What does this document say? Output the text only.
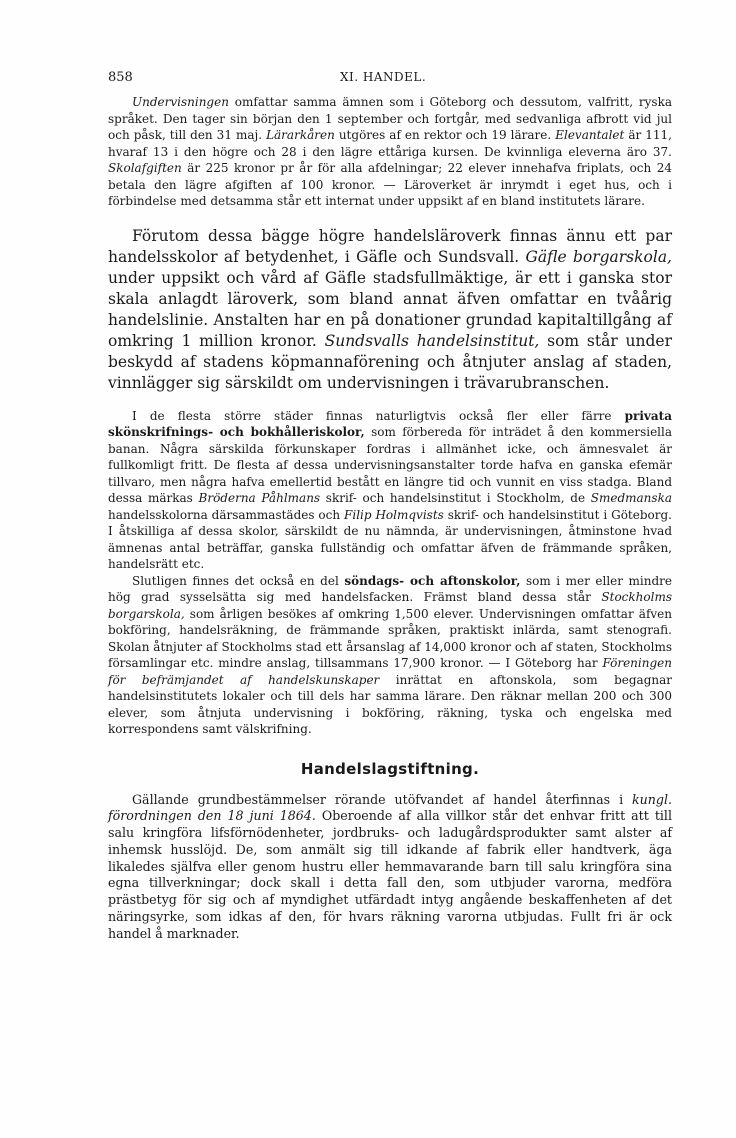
858	XI. HANDEL.

Undervisningen omfattar samma ämnen som i Göteborg och dessutom, valfritt, ryska språket. Den tager sin början den 1 september och fortgår, med sedvanliga afbrott vid jul och påsk, till den 31 maj. Lärarkåren utgöres af en rektor och 19 lärare. Elevantalet är 111, hvaraf 13 i den högre och 28 i den lägre ettåriga kursen. De kvinnliga eleverna äro 37. Skolafgiften är 225 kronor pr år för alla afdelningar; 22 elever innehafva friplats, och 24 betala den lägre afgiften af 100 kronor. — Läroverket är inrymdt i eget hus, och i förbindelse med detsamma står ett internat under uppsikt af en bland institutets lärare.

Förutom dessa bägge högre handelsläroverk finnas ännu ett par handelsskolor af betydenhet, i Gäfle och Sundsvall. Gäfle borgarskola, under uppsikt och vård af Gäfle stadsfullmäktige, är ett i ganska stor skala anlagdt läroverk, som bland annat äfven omfattar en tvåårig handelslinie. Anstalten har en på donationer grundad kapitaltillgång af omkring 1 million kronor. Sundsvalls handelsinstitut, som står under beskydd af stadens köpmannaförening och åtnjuter anslag af staden, vinnlägger sig särskildt om undervisningen i trävarubranschen.

I de flesta större städer finnas naturligtvis också fler eller färre privata skönskrifnings- och bokhålleriskolor, som förbereda för inträdet å den kommersiella banan. Några särskilda förkunskaper fordras i allmänhet icke, och ämnesvalet är fullkomligt fritt. De flesta af dessa undervisningsanstalter torde hafva en ganska efemär tillvaro, men några hafva emellertid bestått en längre tid och vunnit en viss stadga. Bland dessa märkas Bröderna Påhlmans skrif- och handelsinstitut i Stockholm, de Smedmanska handelsskolorna därsammastädes och Filip Holmqvists skrif- och handelsinstitut i Göteborg. I åtskilliga af dessa skolor, särskildt de nu nämnda, är undervisningen, åtminstone hvad ämnenas antal beträffar, ganska fullständig och omfattar äfven de främmande språken, handelsrätt etc.

Slutligen finnes det också en del söndags- och aftonskolor, som i mer eller mindre hög grad sysselsätta sig med handelsfacken. Främst bland dessa står Stockholms borgarskola, som årligen besökes af omkring 1,500 elever. Undervisningen omfattar äfven bokföring, handelsräkning, de främmande språken, praktiskt inlärda, samt stenografi. Skolan åtnjuter af Stockholms stad ett årsanslag af 14,000 kronor och af staten, Stockholms församlingar etc. mindre anslag, tillsammans 17,900 kronor. — I Göteborg har Föreningen för befrämjandet af handelskunskaper inrättat en aftonskola, som begagnar handelsinstitutets lokaler och till dels har samma lärare. Den räknar mellan 200 och 300 elever, som åtnjuta undervisning i bokföring, räkning, tyska och engelska med korrespondens samt välskrifning.

Handelslagstiftning.

Gällande grundbestämmelser rörande utöfvandet af handel återfinnas i kungl. förordningen den 18 juni 1864. Oberoende af alla villkor står det enhvar fritt att till salu kringföra lifsförnödenheter, jordbruks- och ladugårdsprodukter samt alster af inhemsk husslöjd. De, som anmält sig till idkande af fabrik eller handtverk, äga likaledes själfva eller genom hustru eller hemmavarande barn till salu kringföra sina egna tillverkningar; dock skall i detta fall den, som utbjuder varorna, medföra prästbetyg för sig och af myndighet utfärdadt intyg angående beskaffenheten af det näringsyrke, som idkas af den, för hvars räkning varorna utbjudas. Fullt fri är ock handel å marknader.
